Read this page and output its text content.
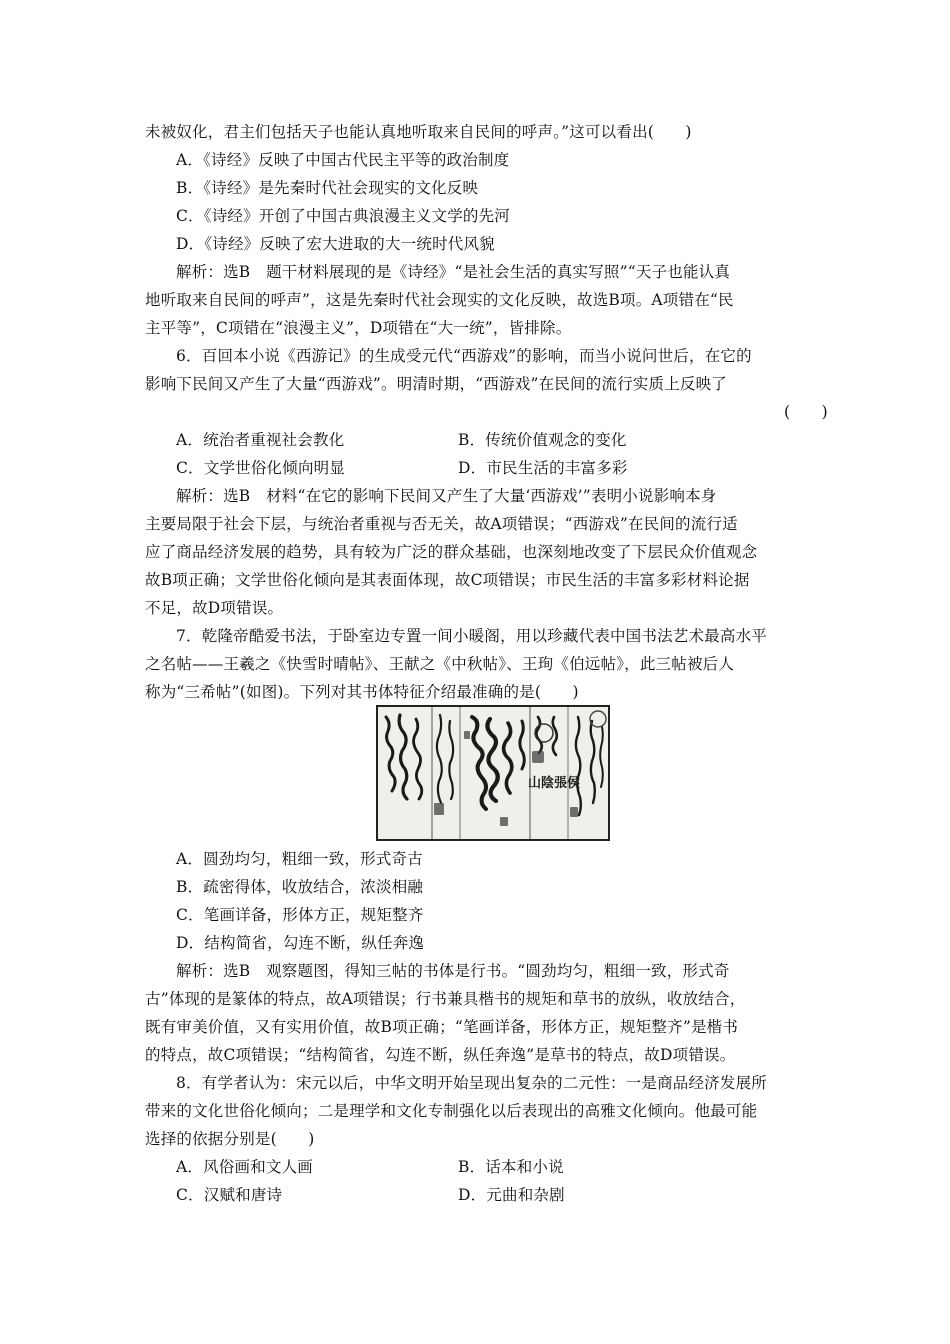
未被奴化，君主们包括天子也能认真地听取来自民间的呼声。”这可以看出(　　)
A．《诗经》反映了中国古代民主平等的政治制度
B．《诗经》是先秦时代社会现实的文化反映
C．《诗经》开创了中国古典浪漫主义文学的先河
D．《诗经》反映了宏大进取的大一统时代风貌
解析：选B　题干材料展现的是《诗经》“是社会生活的真实写照”“天子也能认真
地听取来自民间的呼声”，这是先秦时代社会现实的文化反映，故选B项。A项错在“民
主平等”，C项错在“浪漫主义”，D项错在“大一统”，皆排除。
6．百回本小说《西游记》的生成受元代“西游戏”的影响，而当小说问世后，在它的
影响下民间又产生了大量“西游戏”。明清时期，“西游戏”在民间的流行实质上反映了
(　　)
A．统治者重视社会教化	B．传统价值观念的变化
C．文学世俗化倾向明显	D．市民生活的丰富多彩
解析：选B　材料“在它的影响下民间又产生了大量‘西游戏’”表明小说影响本身
主要局限于社会下层，与统治者重视与否无关，故A项错误；“西游戏”在民间的流行适
应了商品经济发展的趋势，具有较为广泛的群众基础，也深刻地改变了下层民众价值观念
故B项正确；文学世俗化倾向是其表面体现，故C项错误；市民生活的丰富多彩材料论据
不足，故D项错误。
7．乾隆帝酷爱书法，于卧室边专置一间小暖阁，用以珍藏代表中国书法艺术最高水平
之名帖——王羲之《快雪时晴帖》、王献之《中秋帖》、王珣《伯远帖》，此三帖被后人
称为“三希帖”(如图)。下列对其书体特征介绍最准确的是(　　)
山陰張侯
A．圆劲均匀，粗细一致，形式奇古
B．疏密得体，收放结合，浓淡相融
C．笔画详备，形体方正，规矩整齐
D．结构简省，勾连不断，纵任奔逸
解析：选B　观察题图，得知三帖的书体是行书。“圆劲均匀，粗细一致，形式奇
古”体现的是篆体的特点，故A项错误；行书兼具楷书的规矩和草书的放纵，收放结合，
既有审美价值，又有实用价值，故B项正确；“笔画详备，形体方正，规矩整齐”是楷书
的特点，故C项错误；“结构简省，勾连不断，纵任奔逸”是草书的特点，故D项错误。
8．有学者认为：宋元以后，中华文明开始呈现出复杂的二元性：一是商品经济发展所
带来的文化世俗化倾向；二是理学和文化专制强化以后表现出的高雅文化倾向。他最可能
选择的依据分别是(　　)
A．风俗画和文人画	B．话本和小说
C．汉赋和唐诗	D．元曲和杂剧
